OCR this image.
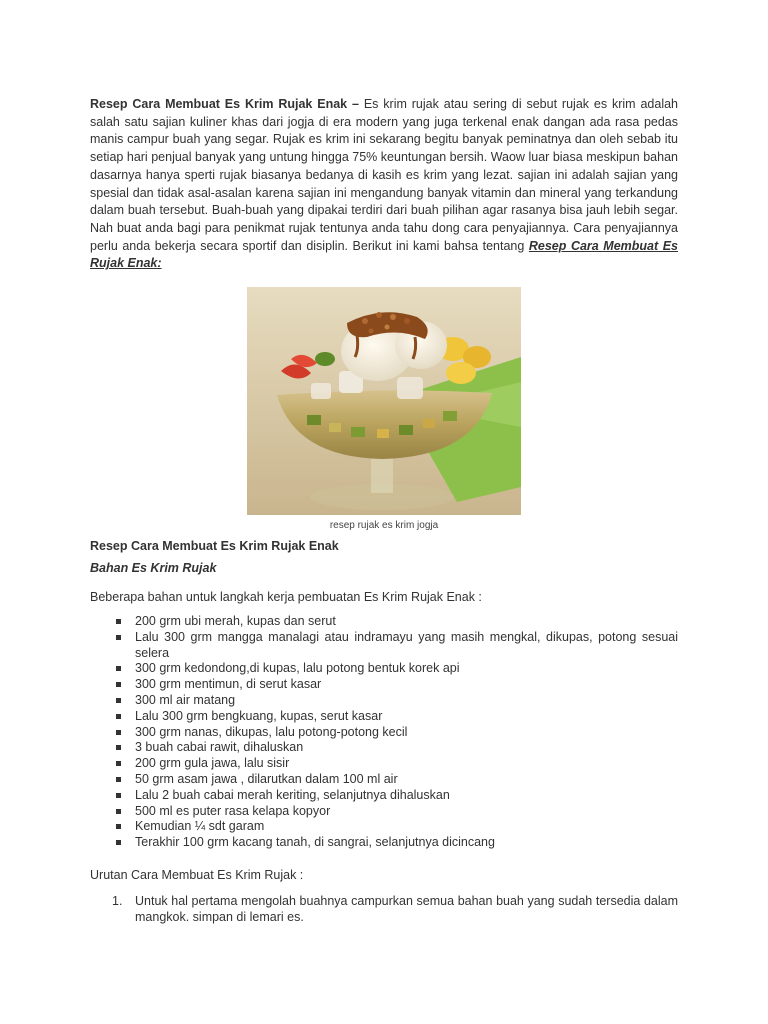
Resep Cara Membuat Es Krim Rujak Enak – Es krim rujak atau sering di sebut rujak es krim adalah salah satu sajian kuliner khas dari jogja di era modern yang juga terkenal enak dangan ada rasa pedas manis campur buah yang segar. Rujak es krim ini sekarang begitu banyak peminatnya dan oleh sebab itu setiap hari penjual banyak yang untung hingga 75% keuntungan bersih. Waow luar biasa meskipun bahan dasarnya hanya sperti rujak biasanya bedanya di kasih es krim yang lezat. sajian ini adalah sajian yang spesial dan tidak asal-asalan karena sajian ini mengandung banyak vitamin dan mineral yang terkandung dalam buah tersebut. Buah-buah yang dipakai terdiri dari buah pilihan agar rasanya bisa jauh lebih segar. Nah buat anda bagi para penikmat rujak tentunya anda tahu dong cara penyajiannya. Cara penyajiannya perlu anda bekerja secara sportif dan disiplin. Berikut ini kami bahsa tentang Resep Cara Membuat Es Rujak Enak:

resep rujak es krim jogja

Resep Cara Membuat Es Krim Rujak Enak

Bahan Es Krim Rujak

Beberapa bahan untuk langkah kerja pembuatan Es Krim Rujak Enak :

200 grm ubi merah, kupas dan serut
Lalu 300 grm mangga manalagi atau indramayu yang masih mengkal, dikupas, potong sesuai selera
300 grm kedondong,di kupas, lalu potong bentuk korek api
300 grm mentimun, di serut kasar
300 ml air matang
Lalu 300 grm bengkuang, kupas, serut kasar
300 grm nanas, dikupas, lalu potong-potong kecil
3 buah cabai rawit, dihaluskan
200 grm gula jawa, lalu sisir
50 grm asam jawa , dilarutkan dalam 100 ml air
Lalu 2 buah cabai merah keriting, selanjutnya dihaluskan
500 ml es puter rasa kelapa kopyor
Kemudian ¼ sdt garam
Terakhir 100 grm kacang tanah, di sangrai, selanjutnya dicincang

Urutan Cara Membuat Es Krim Rujak :

1. Untuk hal pertama mengolah buahnya campurkan semua bahan buah yang sudah tersedia dalam mangkok. simpan di lemari es.
